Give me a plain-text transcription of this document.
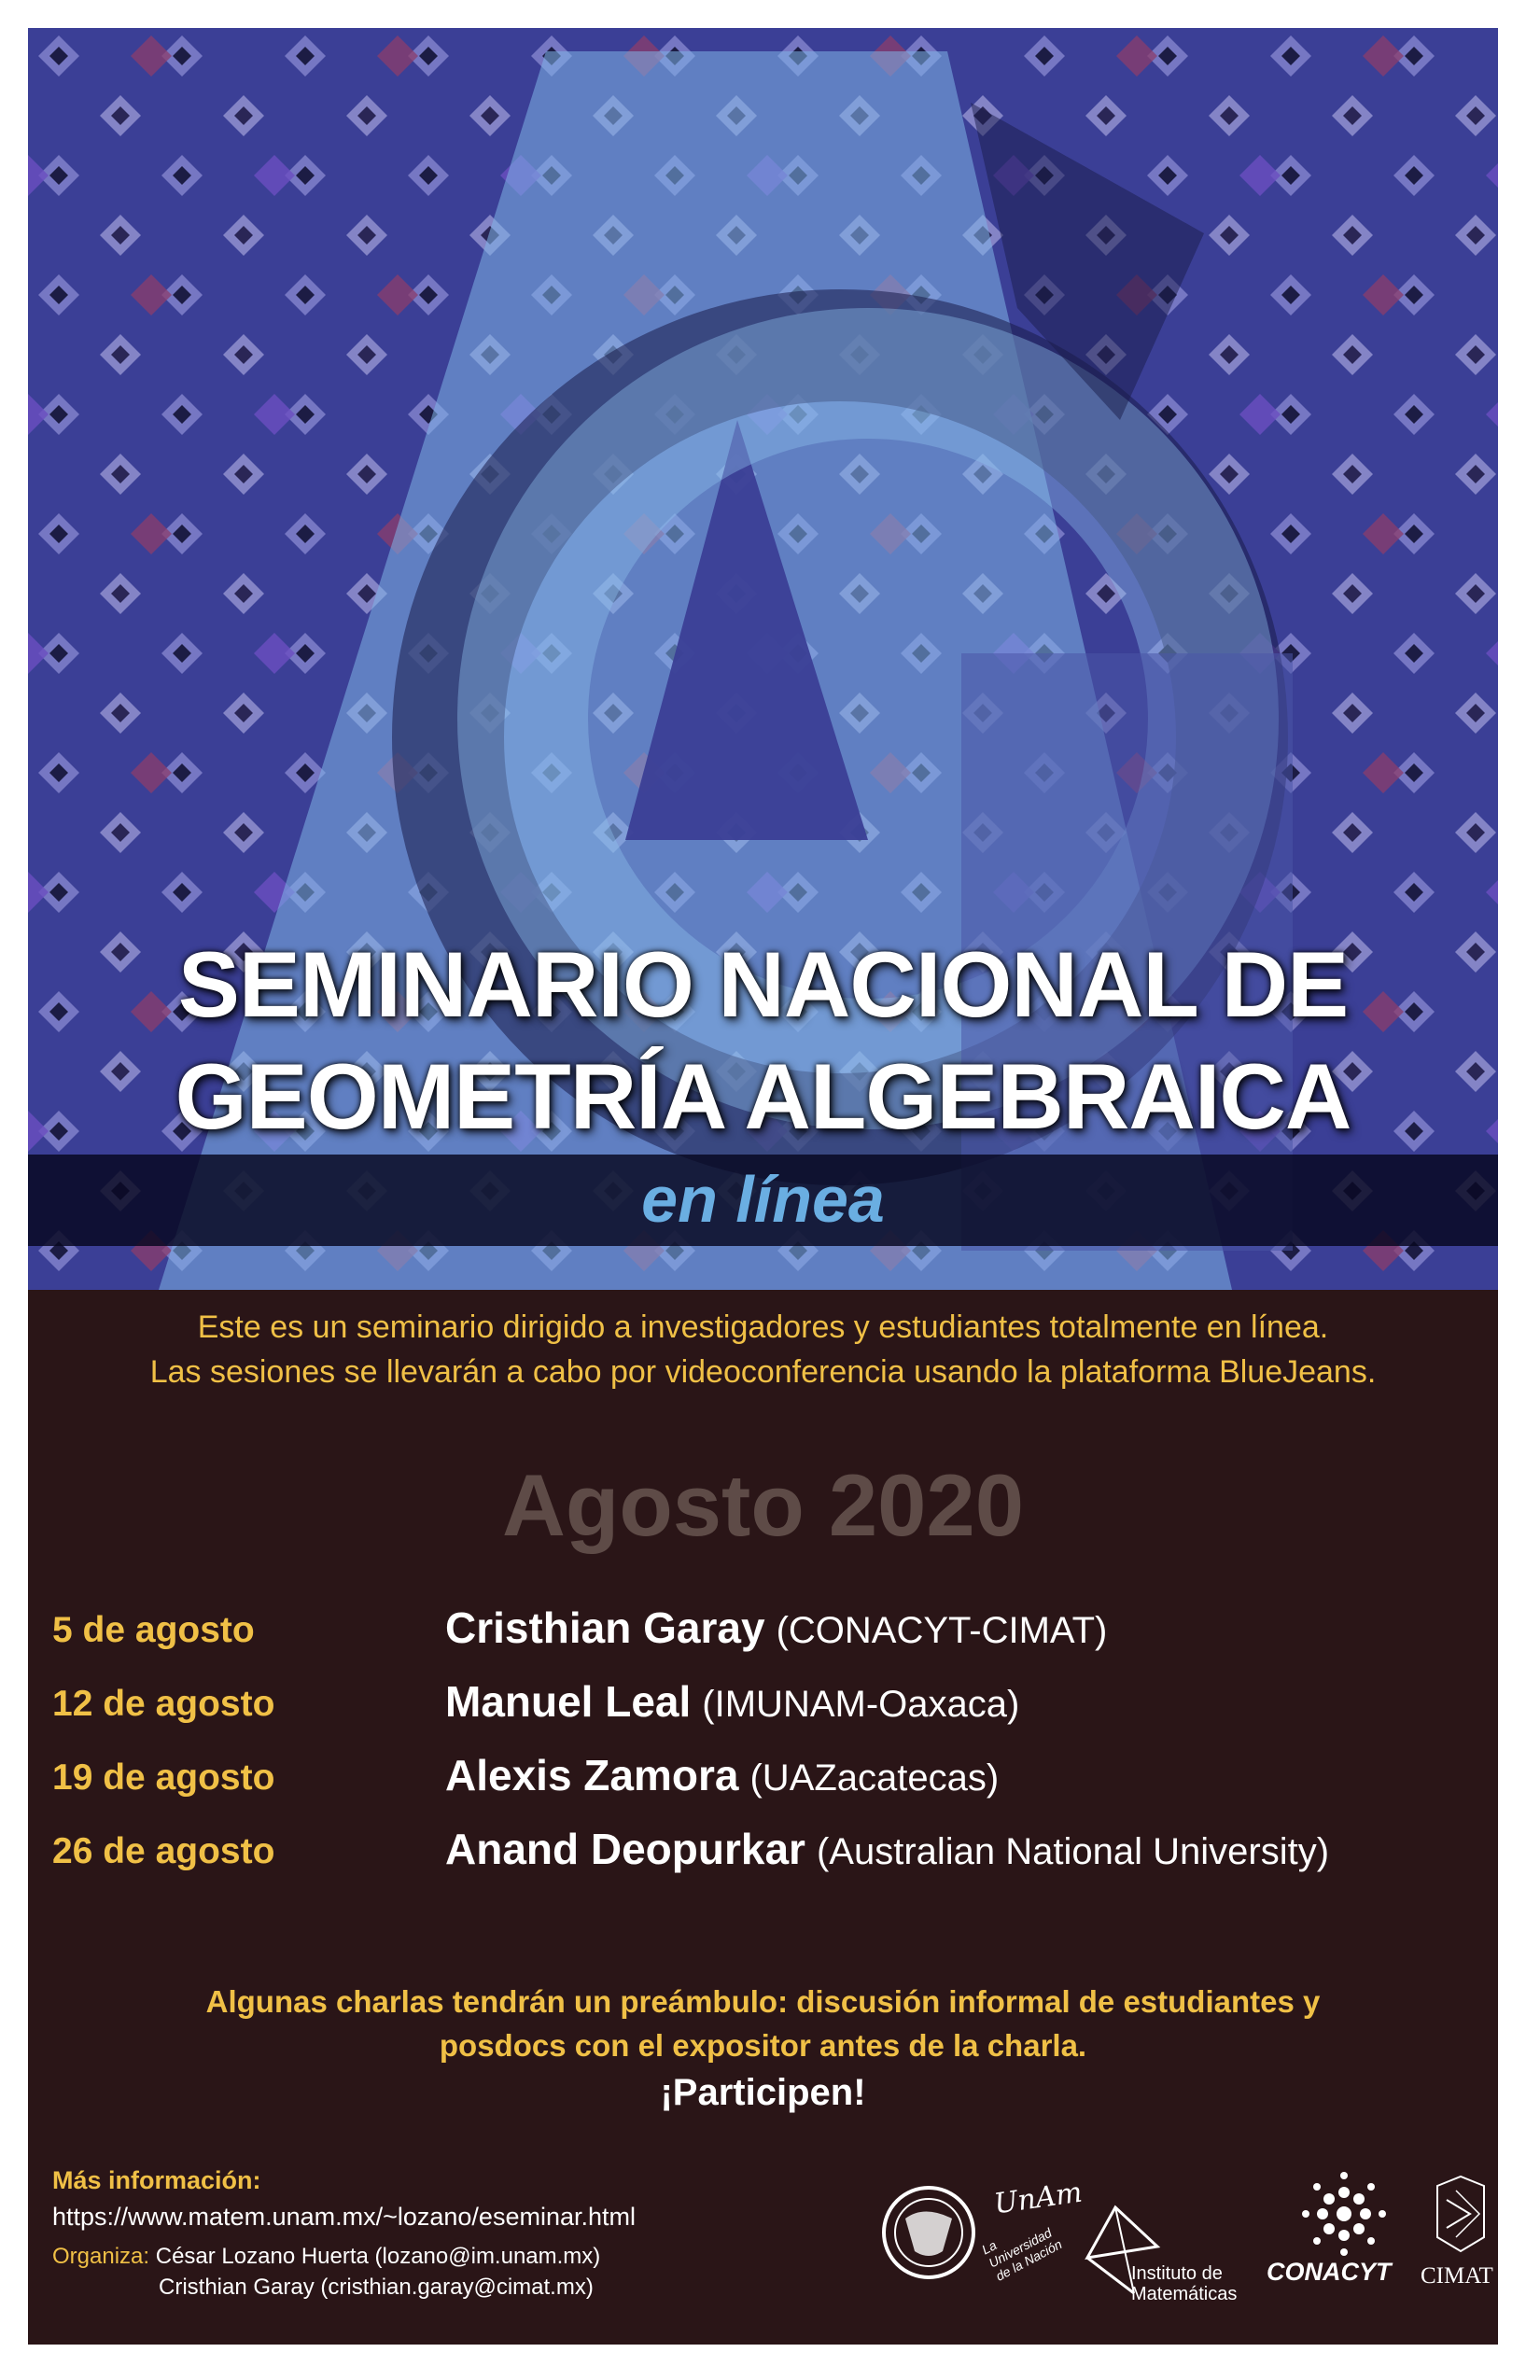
SEMINARIO NACIONAL DE
GEOMETRÍA ALGEBRAICA
en línea
Este es un seminario dirigido a investigadores y estudiantes totalmente en línea.
Las sesiones se llevarán a cabo por videoconferencia usando la plataforma BlueJeans.
Agosto 2020
5 de agosto	Cristhian Garay (CONACYT-CIMAT)
12 de agosto	Manuel Leal (IMUNAM-Oaxaca)
19 de agosto	Alexis Zamora (UAZacatecas)
26 de agosto	Anand Deopurkar (Australian National University)
Algunas charlas tendrán un preámbulo: discusión informal de estudiantes y
posdocs con el expositor antes de la charla.
¡Participen!
Más información:
https://www.matem.unam.mx/~lozano/eseminar.html
Organiza: César Lozano Huerta (lozano@im.unam.mx)
Cristhian Garay (cristhian.garay@cimat.mx)
UnAm
La Universidad de la Nación	Instituto de
Matemáticas
CONACYT CIMAT
